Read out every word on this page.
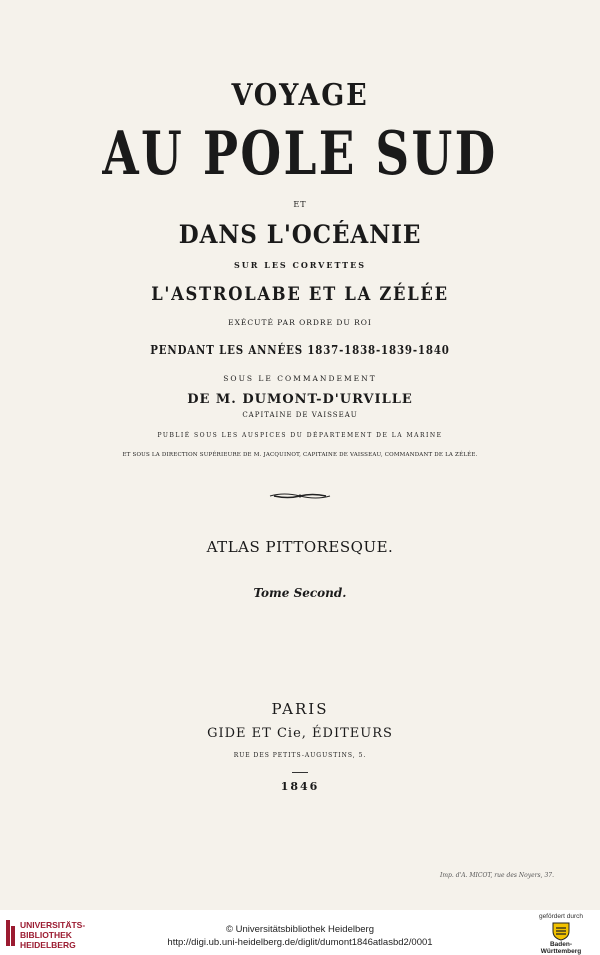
VOYAGE
AU POLE SUD
ET
DANS L'OCÉANIE
SUR LES CORVETTES
L'ASTROLABE ET LA ZÉLÉE
EXÉCUTÉ PAR ORDRE DU ROI
PENDANT LES ANNÉES 1837-1838-1839-1840
SOUS LE COMMANDEMENT
DE M. DUMONT-D'URVILLE
CAPITAINE DE VAISSEAU
PUBLIÉ SOUS LES AUSPICES DU DÉPARTEMENT DE LA MARINE
ET SOUS LA DIRECTION SUPÉRIEURE DE M. JACQUINOT, CAPITAINE DE VAISSEAU, COMMANDANT DE LA ZÉLÉE.
ATLAS PITTORESQUE.
Tome Second.
PARIS
GIDE ET Cie, ÉDITEURS
RUE DES PETITS-AUGUSTINS, 5.
1846
Imp. d'A. MICOT, rue des Noyers, 37.
UNIVERSITÄTS-
BIBLIOTHEK
HEIDELBERG
© Universitätsbibliothek Heidelberg
http://digi.ub.uni-heidelberg.de/diglit/dumont1846atlasbd2/0001
gefördert durch
Baden-Württemberg
